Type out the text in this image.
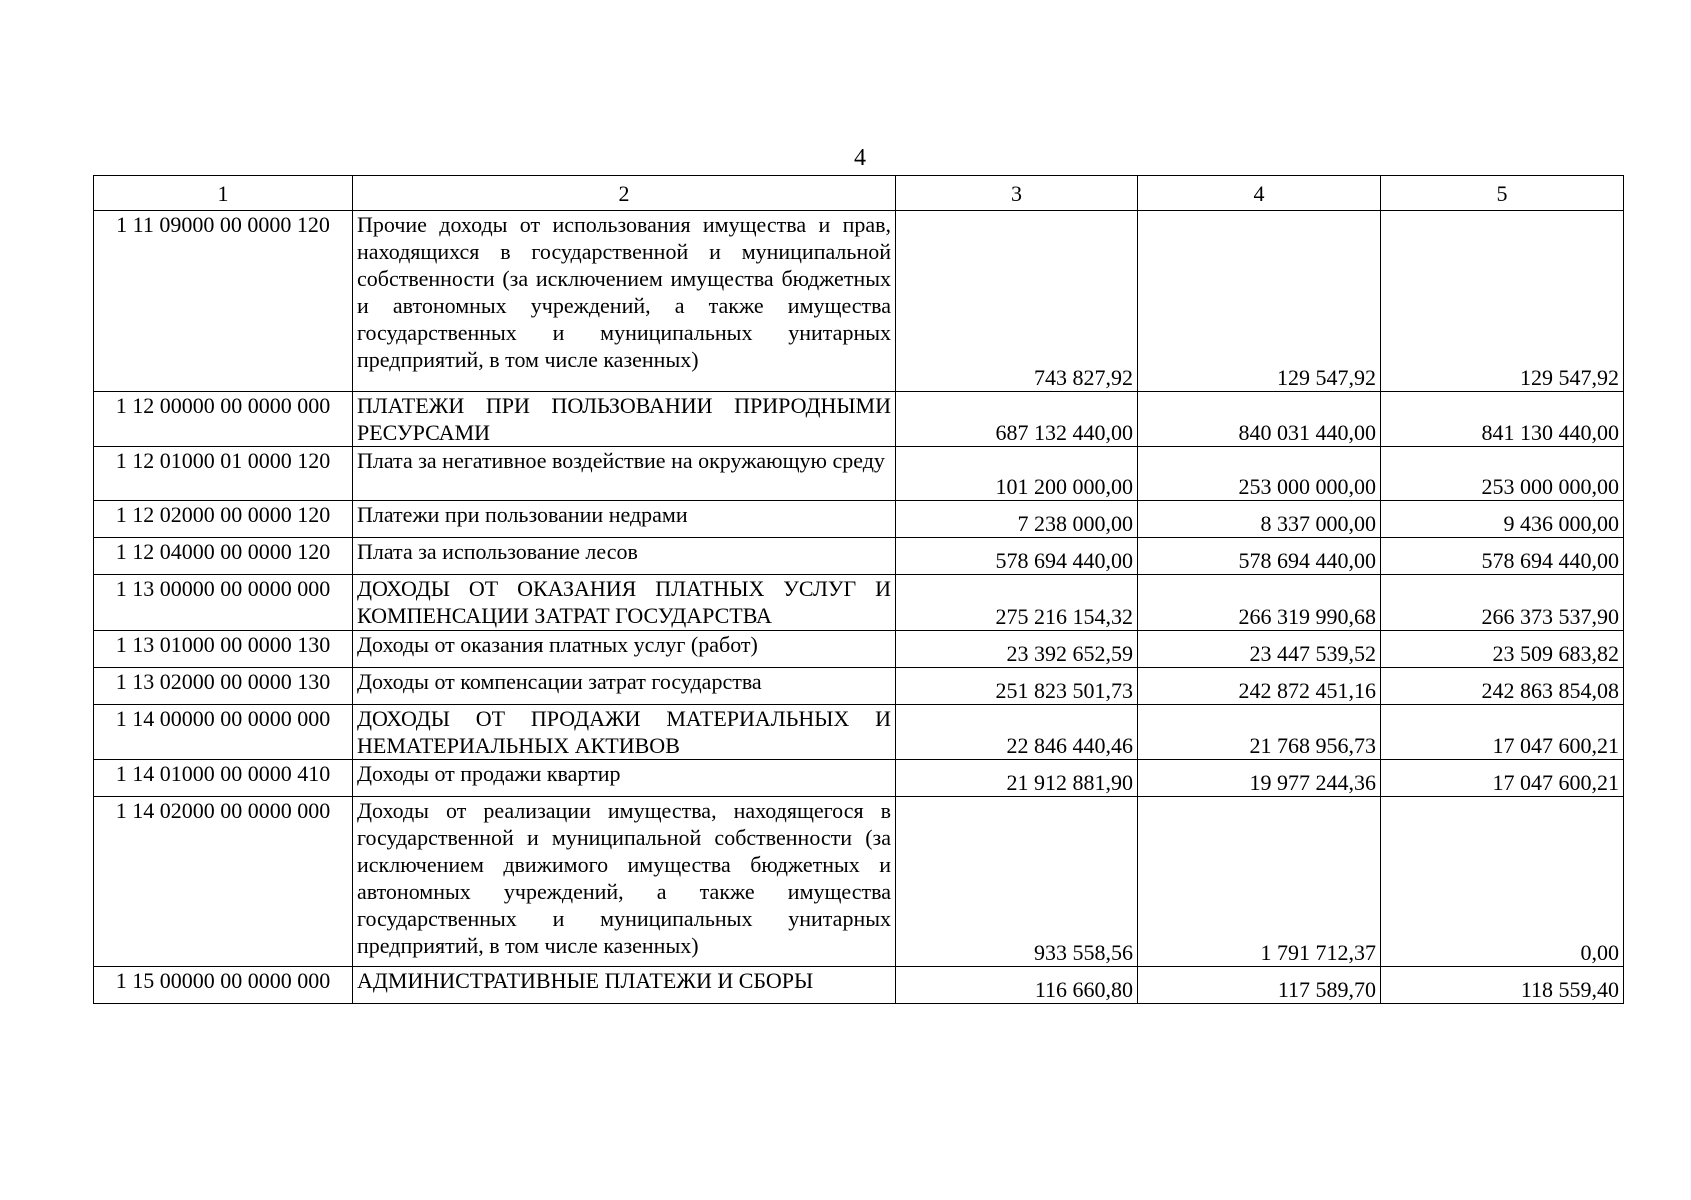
4
1	2	3	4	5
1 11 09000 00 0000 120	Прочие доходы от использования имущества и прав, находящихся в государственной и муниципальной собственности (за исключением имущества бюджетных и автономных учреждений, а также имущества государственных и муниципальных унитарных предприятий, в том числе казенных)	743 827,92	129 547,92	129 547,92
1 12 00000 00 0000 000	ПЛАТЕЖИ ПРИ ПОЛЬЗОВАНИИ ПРИРОДНЫМИ РЕСУРСАМИ	687 132 440,00	840 031 440,00	841 130 440,00
1 12 01000 01 0000 120	Плата за негативное воздействие на окружающую среду	101 200 000,00	253 000 000,00	253 000 000,00
1 12 02000 00 0000 120	Платежи при пользовании недрами	7 238 000,00	8 337 000,00	9 436 000,00
1 12 04000 00 0000 120	Плата за использование лесов	578 694 440,00	578 694 440,00	578 694 440,00
1 13 00000 00 0000 000	ДОХОДЫ ОТ ОКАЗАНИЯ ПЛАТНЫХ УСЛУГ И КОМПЕНСАЦИИ ЗАТРАТ ГОСУДАРСТВА	275 216 154,32	266 319 990,68	266 373 537,90
1 13 01000 00 0000 130	Доходы от оказания платных услуг (работ)	23 392 652,59	23 447 539,52	23 509 683,82
1 13 02000 00 0000 130	Доходы от компенсации затрат государства	251 823 501,73	242 872 451,16	242 863 854,08
1 14 00000 00 0000 000	ДОХОДЫ ОТ ПРОДАЖИ МАТЕРИАЛЬНЫХ И НЕМАТЕРИАЛЬНЫХ АКТИВОВ	22 846 440,46	21 768 956,73	17 047 600,21
1 14 01000 00 0000 410	Доходы от продажи квартир	21 912 881,90	19 977 244,36	17 047 600,21
1 14 02000 00 0000 000	Доходы от реализации имущества, находящегося в государственной и муниципальной собственности (за исключением движимого имущества бюджетных и автономных учреждений, а также имущества государственных и муниципальных унитарных предприятий, в том числе казенных)	933 558,56	1 791 712,37	0,00
1 15 00000 00 0000 000	АДМИНИСТРАТИВНЫЕ ПЛАТЕЖИ И СБОРЫ	116 660,80	117 589,70	118 559,40
